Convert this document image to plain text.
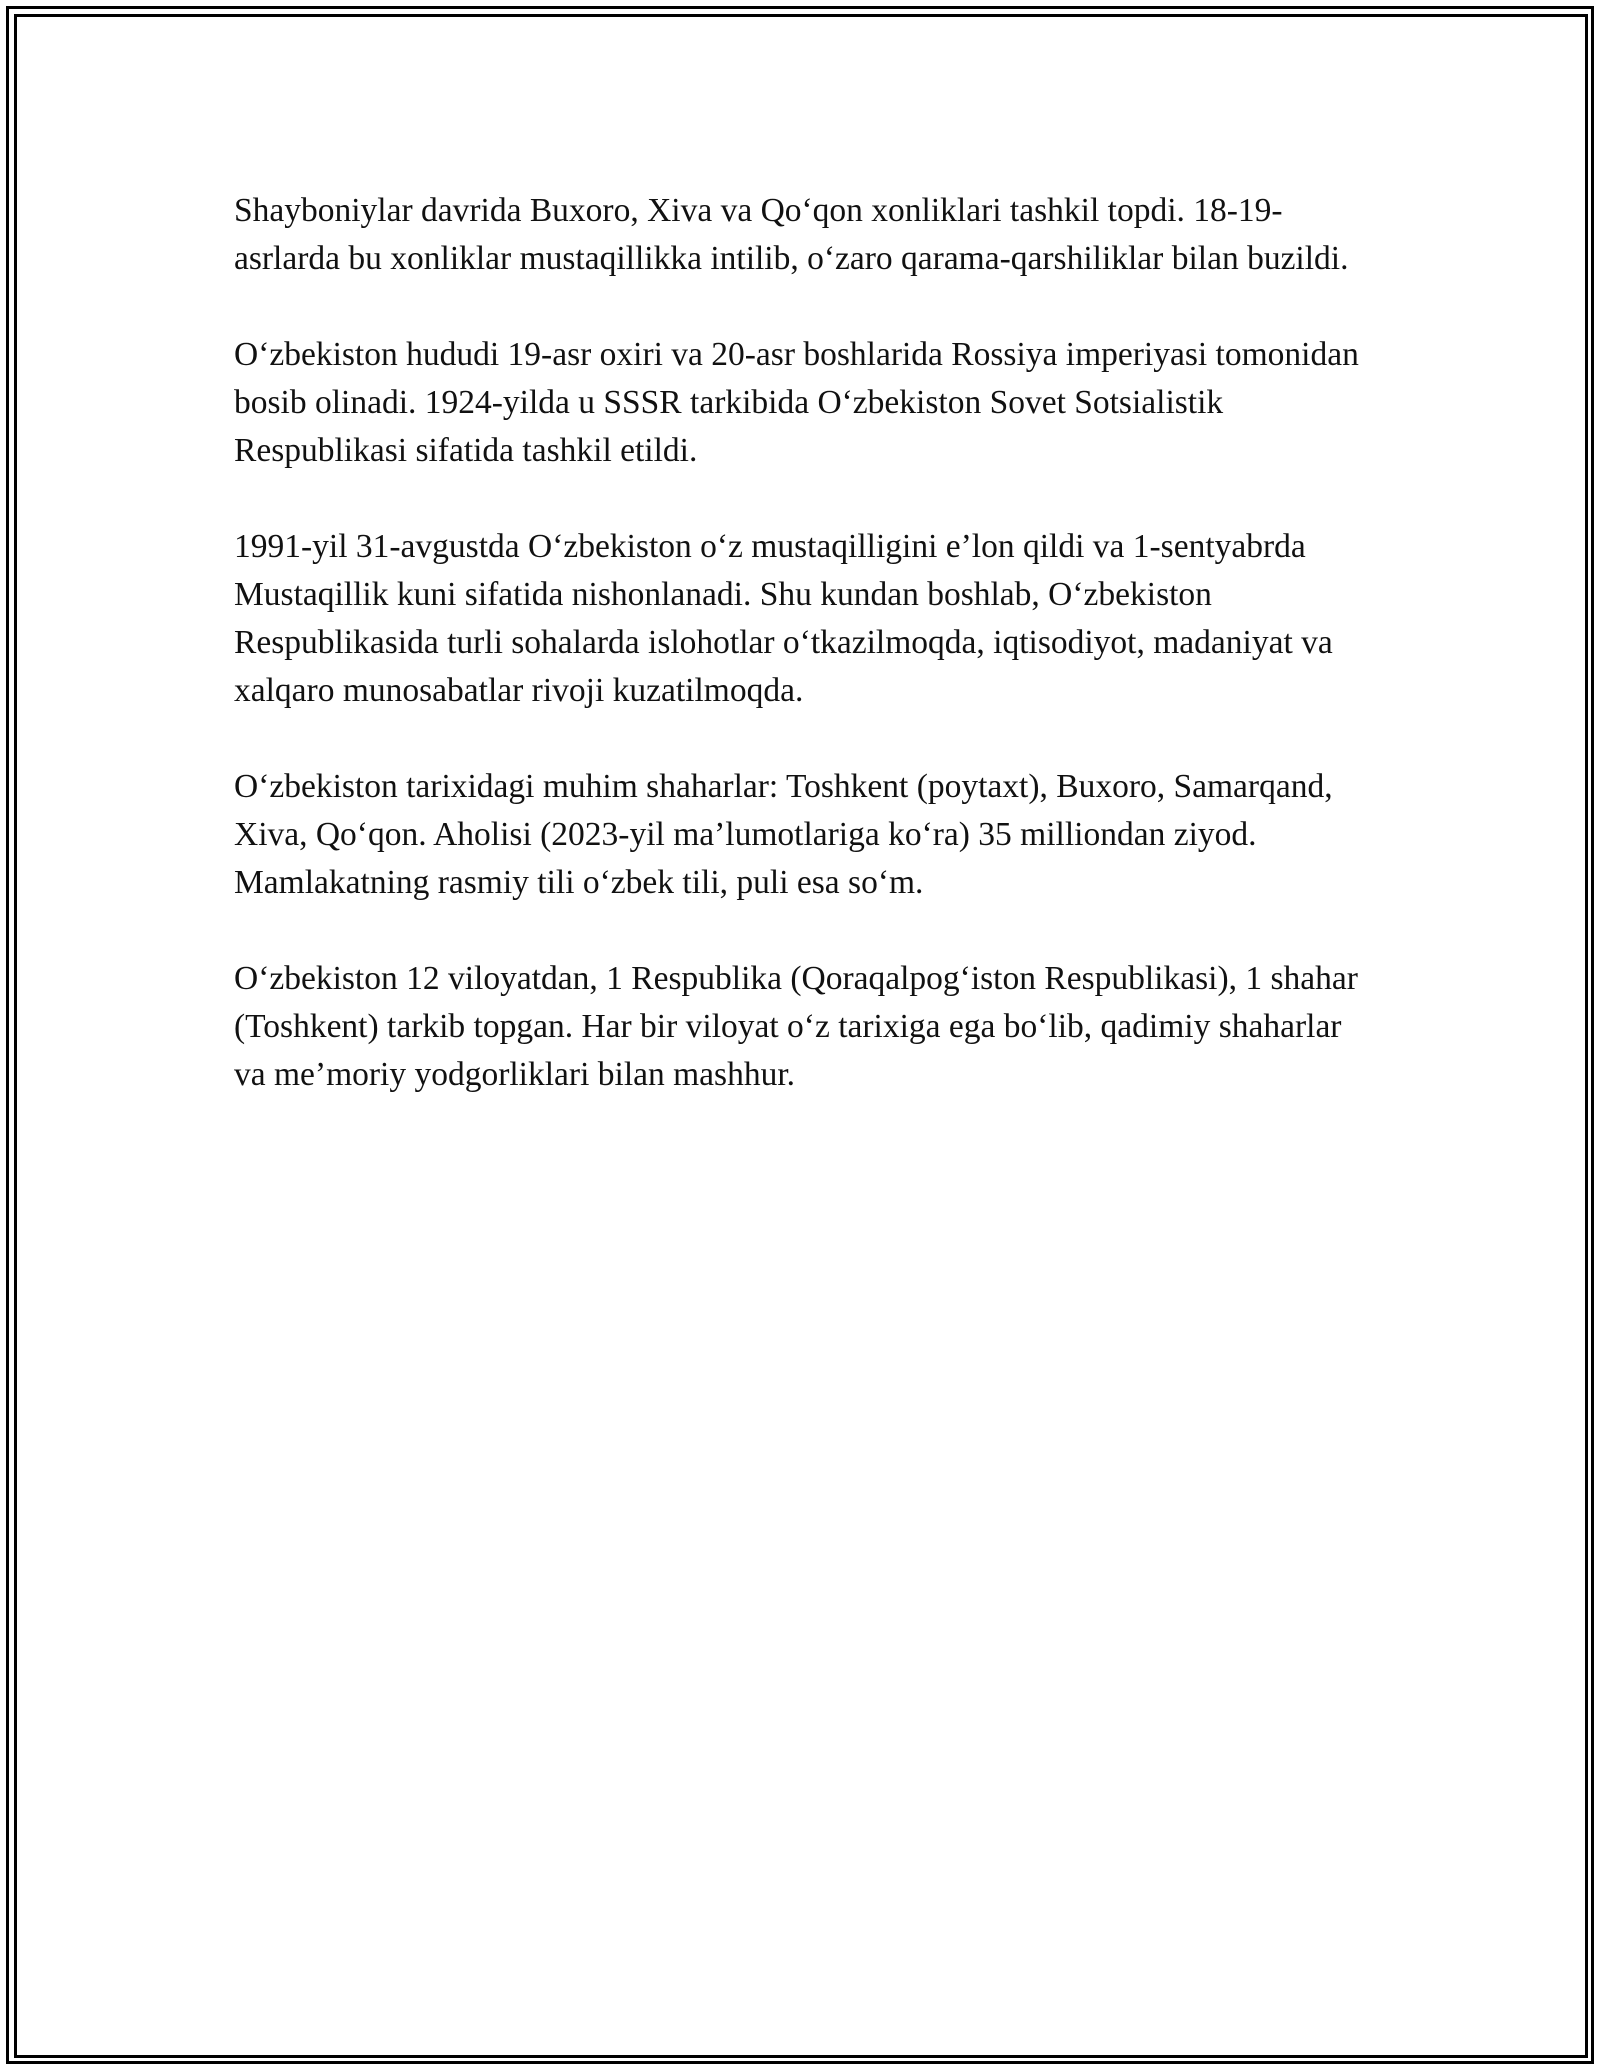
Shayboniylar davrida Buxoro, Xiva va Qo‘qon xonliklari tashkil topdi. 18-19-asrlarda bu xonliklar mustaqillikka intilib, o‘zaro qarama-qarshiliklar bilan buzildi.

O‘zbekiston hududi 19-asr oxiri va 20-asr boshlarida Rossiya imperiyasi tomonidan bosib olinadi. 1924-yilda u SSSR tarkibida O‘zbekiston Sovet Sotsialistik Respublikasi sifatida tashkil etildi.

1991-yil 31-avgustda O‘zbekiston o‘z mustaqilligini e’lon qildi va 1-sentyabrda Mustaqillik kuni sifatida nishonlanadi. Shu kundan boshlab, O‘zbekiston Respublikasida turli sohalarda islohotlar o‘tkazilmoqda, iqtisodiyot, madaniyat va xalqaro munosabatlar rivoji kuzatilmoqda.

O‘zbekiston tarixidagi muhim shaharlar: Toshkent (poytaxt), Buxoro, Samarqand, Xiva, Qo‘qon. Aholisi (2023-yil ma’lumotlariga ko‘ra) 35 milliondan ziyod. Mamlakatning rasmiy tili o‘zbek tili, puli esa so‘m.

O‘zbekiston 12 viloyatdan, 1 Respublika (Qoraqalpog‘iston Respublikasi), 1 shahar (Toshkent) tarkib topgan. Har bir viloyat o‘z tarixiga ega bo‘lib, qadimiy shaharlar va me’moriy yodgorliklari bilan mashhur.
